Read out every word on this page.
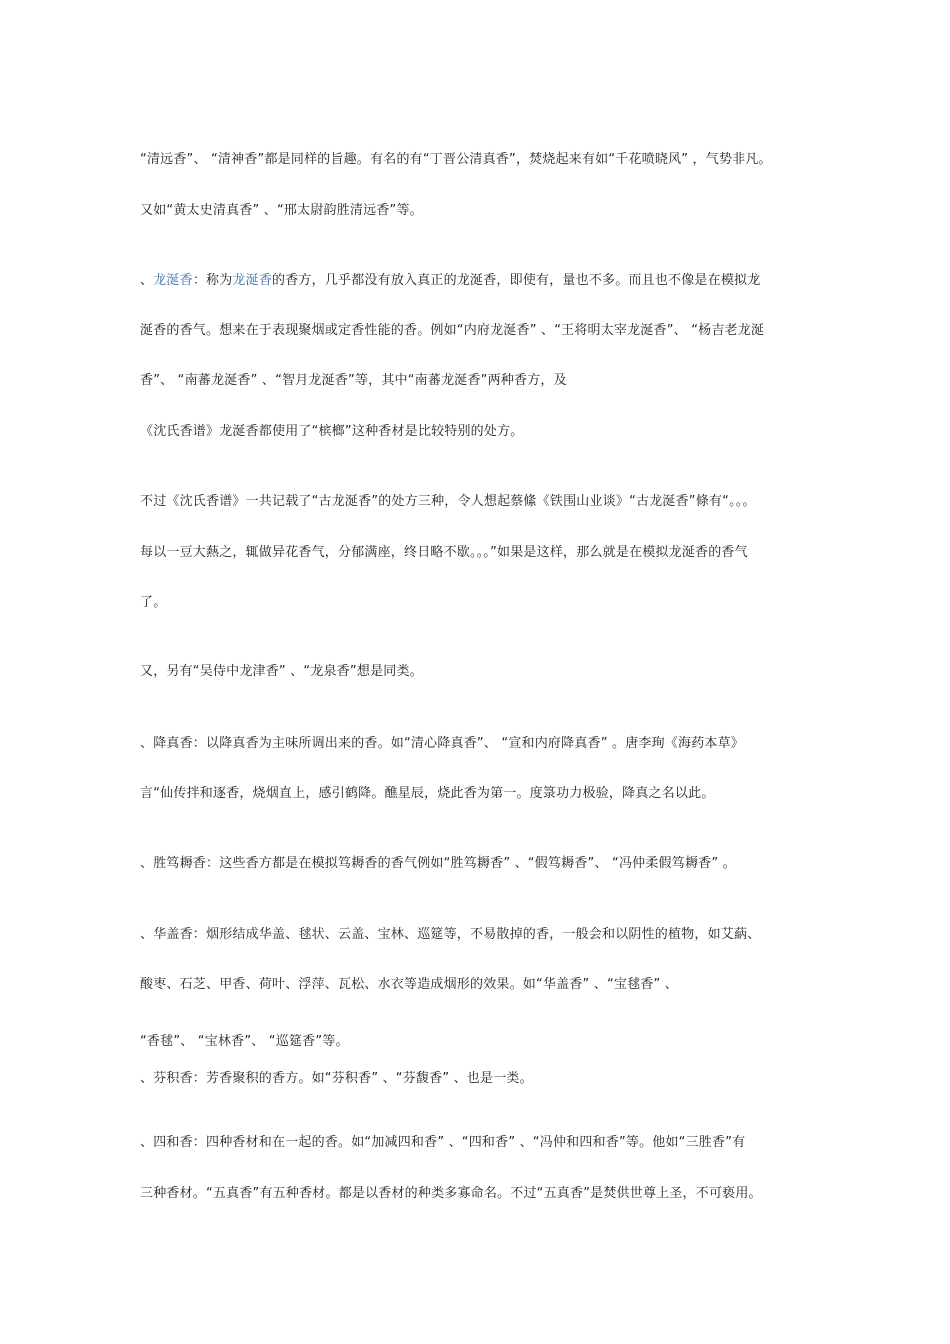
“清远香”、 “清神香”都是同样的旨趣。有名的有“丁晋公清真香”，焚烧起来有如“千花喷晓风” ，气势非凡。
又如“黄太史清真香” 、“邢太尉韵胜清远香”等。
、龙涎香：称为龙涎香的香方，几乎都没有放入真正的龙涎香，即使有，量也不多。而且也不像是在模拟龙
涎香的香气。想来在于表现聚烟或定香性能的香。例如“内府龙涎香” 、“王将明太宰龙涎香”、 “杨吉老龙涎
香”、 “南蕃龙涎香” 、“智月龙涎香”等，其中“南蕃龙涎香”两种香方，及
《沈氏香谱》龙涎香都使用了“槟榔”这种香材是比较特别的处方。
不过《沈氏香谱》一共记载了“古龙涎香”的处方三种，令人想起蔡絛《铁围山业谈》“古龙涎香”條有“。。。
每以一豆大爇之，辄做异花香气，分郁满座，终日略不歇。。。”如果是这样，那么就是在模拟龙涎香的香气
了。
又，另有“吴侍中龙津香” 、“龙泉香”想是同类。
、降真香：以降真香为主味所调出来的香。如“清心降真香”、 “宣和内府降真香” 。唐李珣《海药本草》
言“仙传拌和逐香，烧烟直上，感引鹤降。醮星辰，烧此香为第一。度箓功力极验，降真之名以此。
、胜笃耨香：这些香方都是在模拟笃耨香的香气例如“胜笃耨香” 、“假笃耨香”、 “冯仲柔假笃耨香” 。
、华盖香：烟形结成华盖、毬状、云盖、宝林、巡筵等，不易散掉的香，一般会和以阴性的植物，如艾蒳、
酸枣、石芝、甲香、荷叶、浮萍、瓦松、水衣等造成烟形的效果。如“华盖香” 、“宝毬香” 、
“香毬”、 “宝林香”、 “巡筵香”等。
、芬积香：芳香聚积的香方。如“芬积香” 、“芬馥香” 、也是一类。
、四和香：四种香材和在一起的香。如“加减四和香” 、“四和香” 、“冯仲和四和香”等。他如“三胜香”有
三种香材。“五真香”有五种香材。都是以香材的种类多寡命名。不过“五真香”是焚供世尊上圣，不可亵用。
